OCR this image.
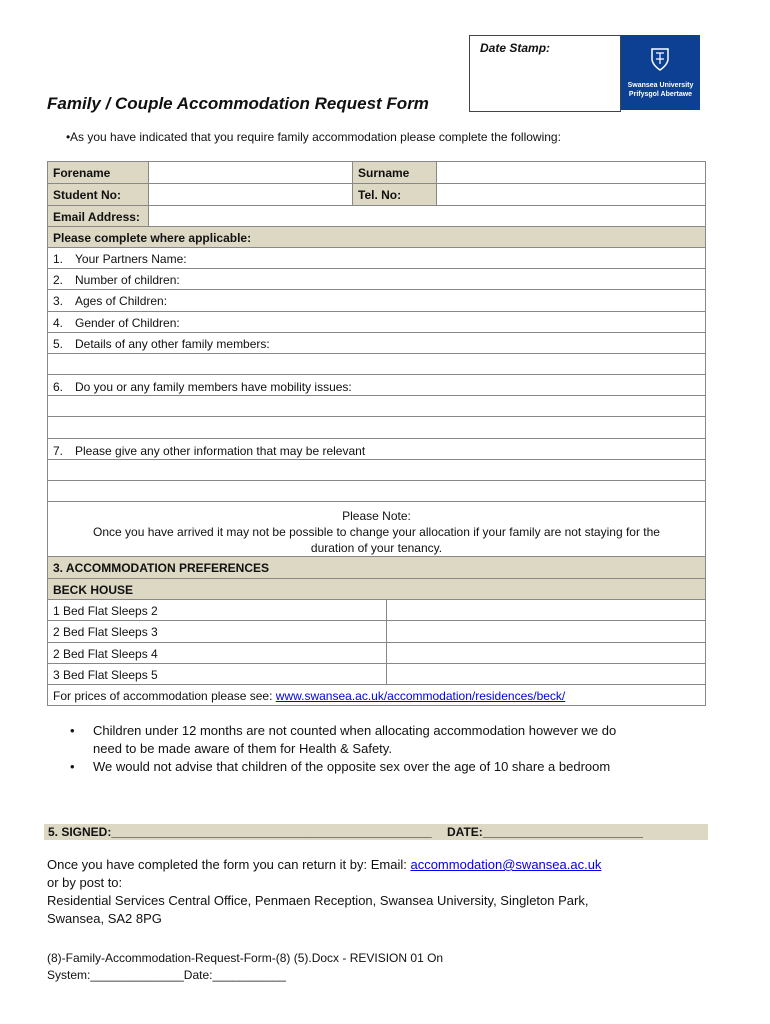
Date Stamp:
Swansea University
Prifysgol Abertawe
Family / Couple Accommodation Request Form
• As you have indicated that you require family accommodation please complete the following:
Forename	Surname
Student No:	Tel. No:
Email Address:
Please complete where applicable:
1. Your Partners Name:
2. Number of children:
3. Ages of Children:
4. Gender of Children:
5. Details of any other family members:
6. Do you or any family members have mobility issues:
7. Please give any other information that may be relevant
Please Note:
Once you have arrived it may not be possible to change your allocation if your family are not staying for the
duration of your tenancy.
3. ACCOMMODATION PREFERENCES
BECK HOUSE
1 Bed Flat Sleeps 2
2 Bed Flat Sleeps 3
2 Bed Flat Sleeps 4
3 Bed Flat Sleeps 5
For prices of accommodation please see: www.swansea.ac.uk/accommodation/residences/beck/
• Children under 12 months are not counted when allocating accommodation however we do
need to be made aware of them for Health & Safety.
• We would not advise that children of the opposite sex over the age of 10 share a bedroom
5. SIGNED:________________________________________________ DATE:________________________
Once you have completed the form you can return it by: Email: accommodation@swansea.ac.uk
or by post to:
Residential Services Central Office, Penmaen Reception, Swansea University, Singleton Park,
Swansea, SA2 8PG
(8)-Family-Accommodation-Request-Form-(8) (5).Docx - REVISION 01 On
System:______________Date:___________
